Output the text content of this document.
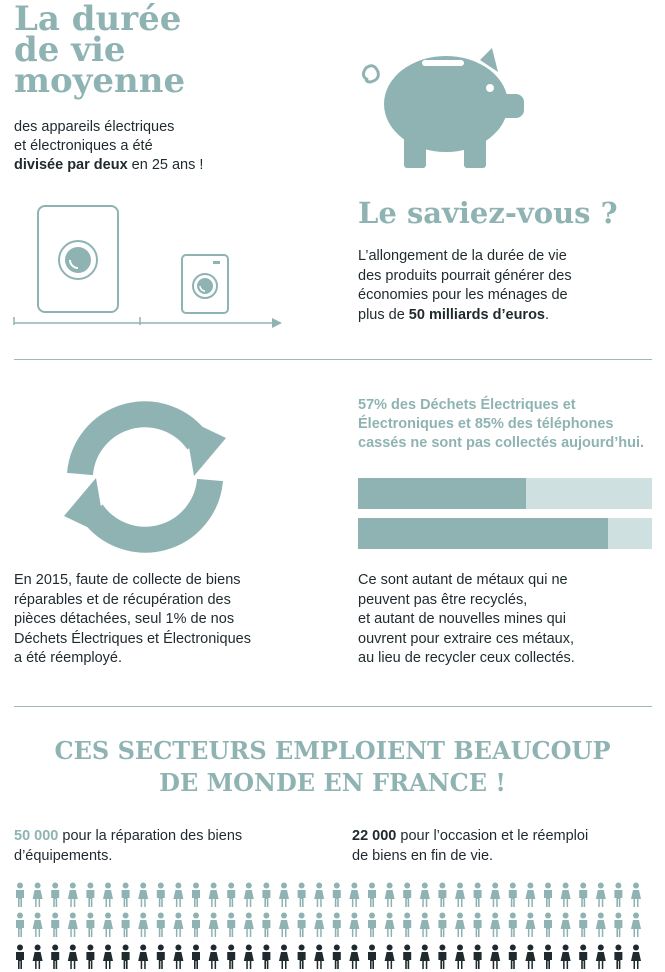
La durée
de vie
moyenne
des appareils électriques
et électroniques a été
divisée par deux en 25 ans !
Le saviez-vous ?
L’allongement de la durée de vie
des produits pourrait générer des
économies pour les ménages de
plus de 50 milliards d’euros.
57% des Déchets Électriques et
Électroniques et 85% des téléphones
cassés ne sont pas collectés aujourd’hui.
En 2015, faute de collecte de biens
réparables et de récupération des
pièces détachées, seul 1% de nos
Déchets Électriques et Électroniques
a été réemployé.
Ce sont autant de métaux qui ne
peuvent pas être recyclés,
et autant de nouvelles mines qui
ouvrent pour extraire ces métaux,
au lieu de recycler ceux collectés.
CES SECTEURS EMPLOIENT BEAUCOUP
DE MONDE EN FRANCE !
50 000 pour la réparation des biens
d’équipements.
22 000 pour l’occasion et le réemploi
de biens en fin de vie.
